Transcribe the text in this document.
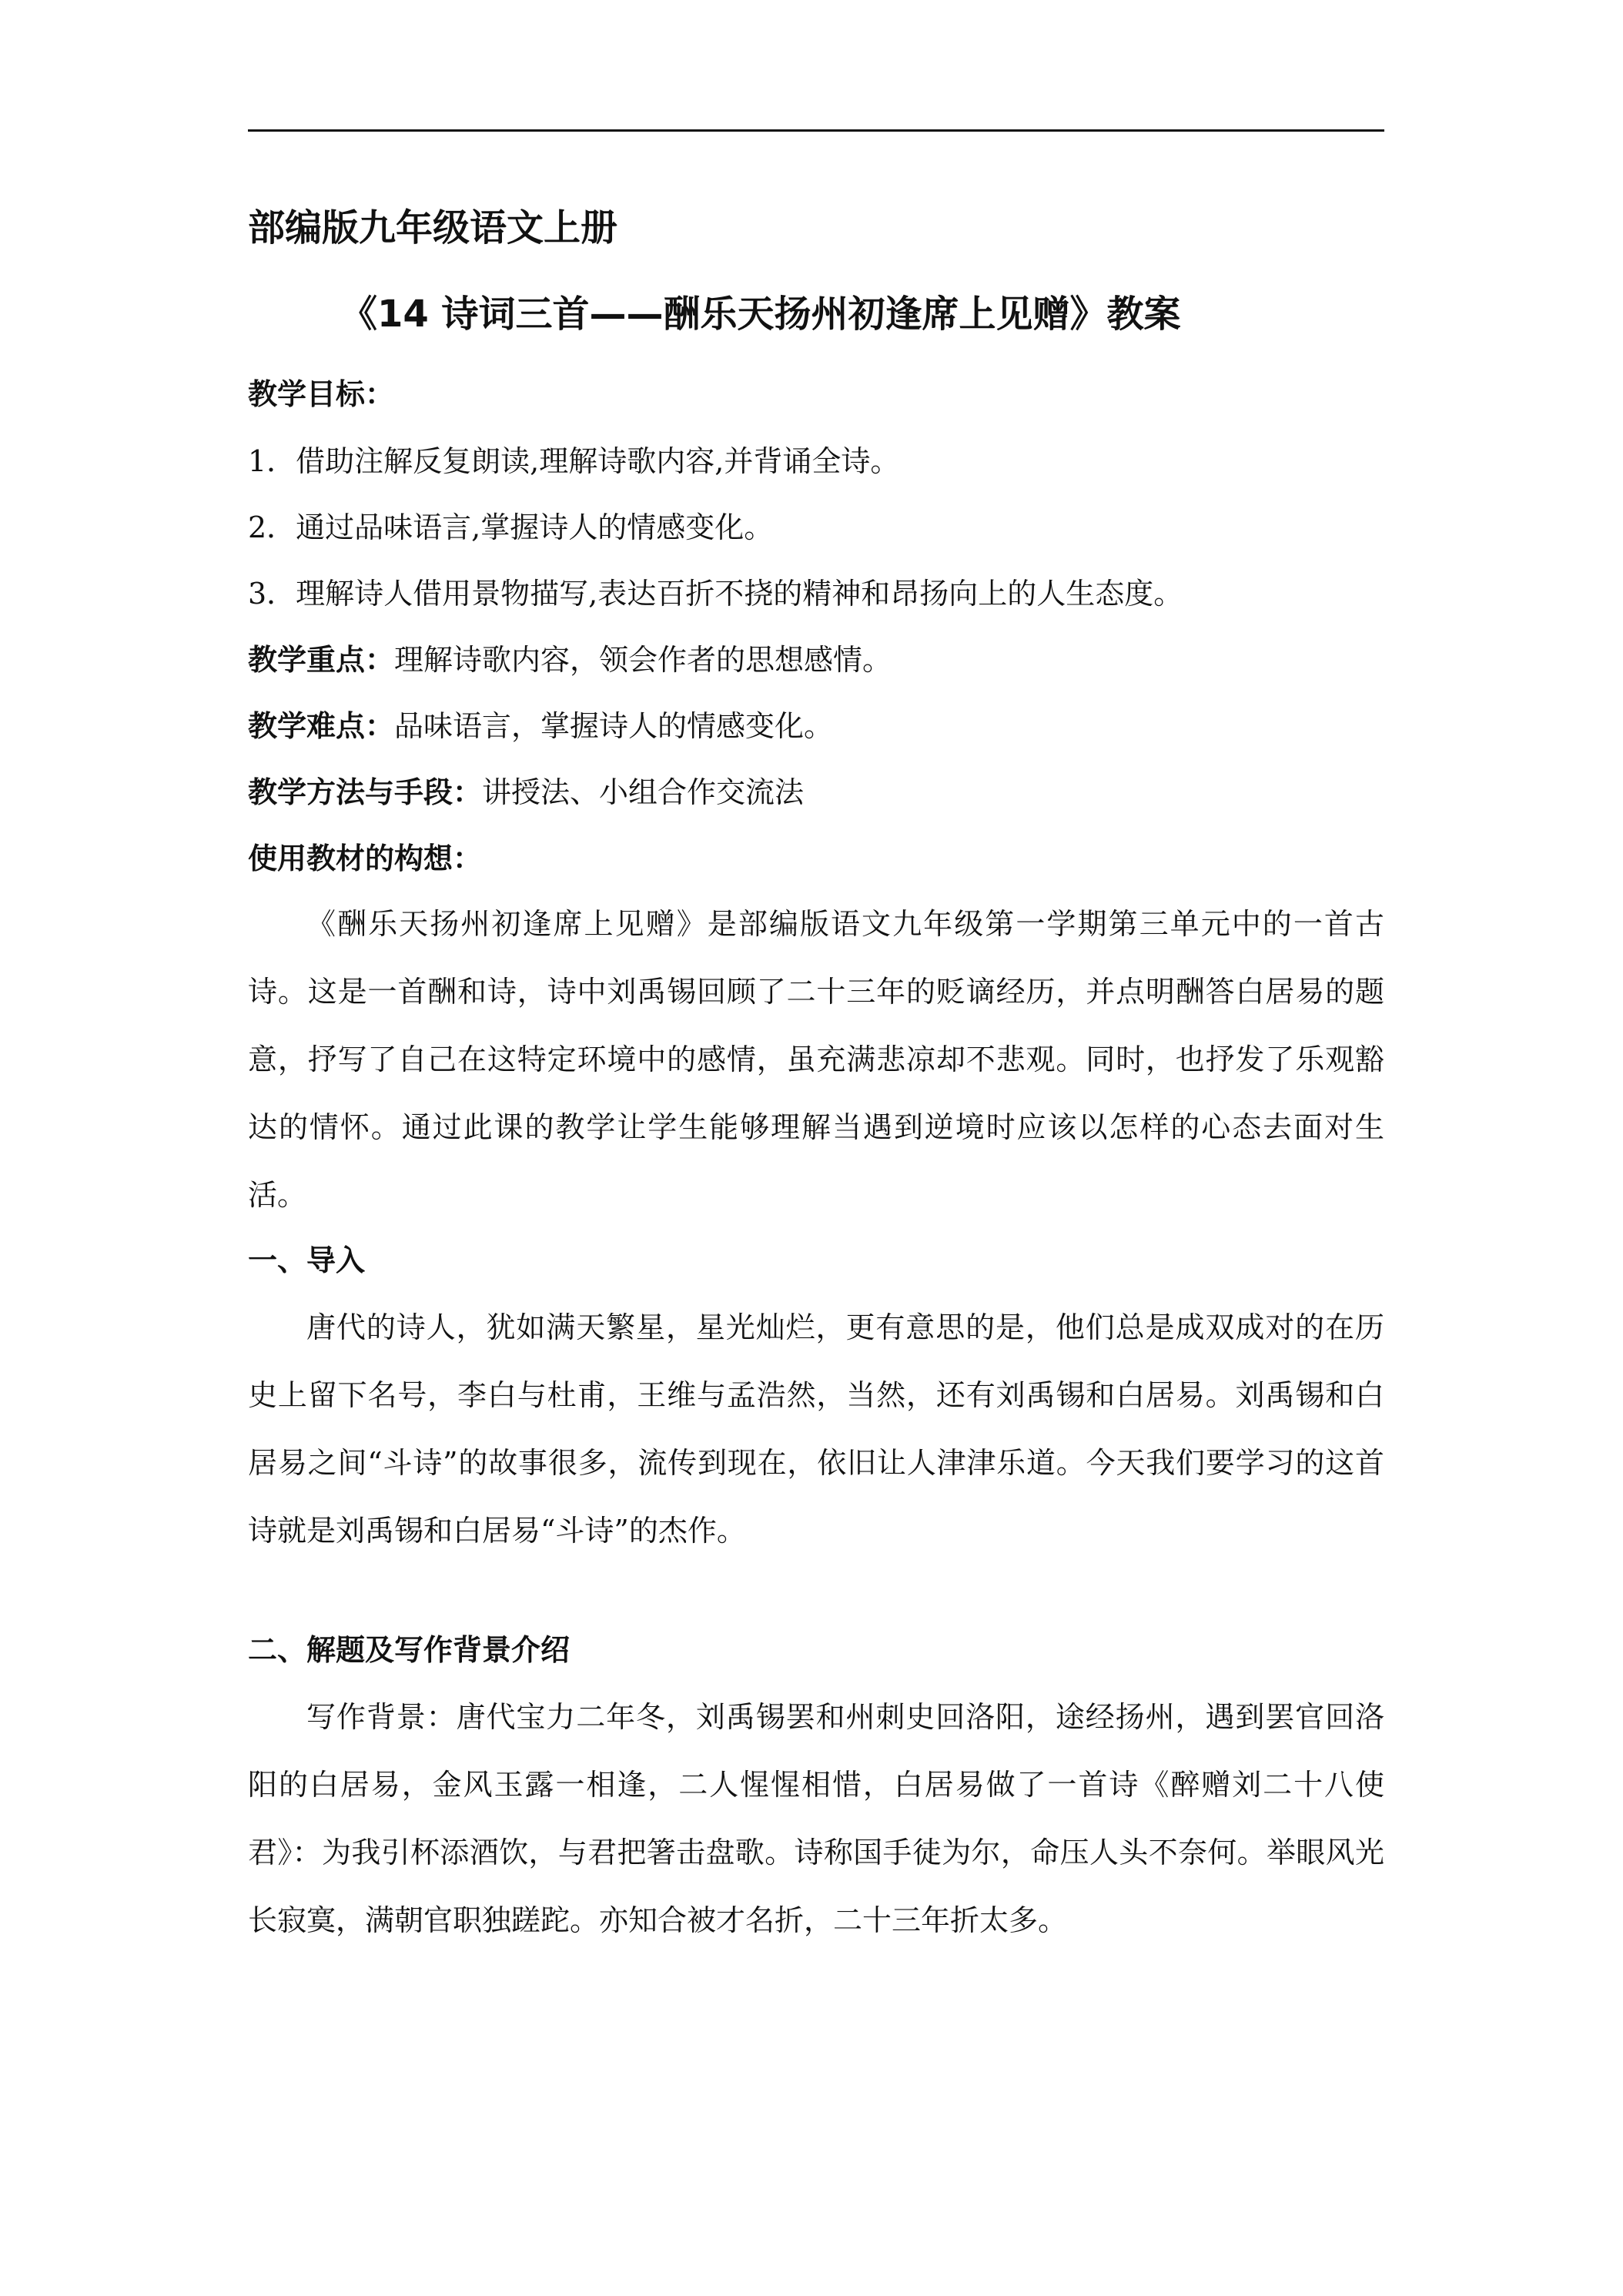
部编版九年级语文上册
《14 诗词三首——酬乐天扬州初逢席上见赠》教案
教学目标：
1．借助注解反复朗读,理解诗歌内容,并背诵全诗。
2．通过品味语言,掌握诗人的情感变化。
3．理解诗人借用景物描写,表达百折不挠的精神和昂扬向上的人生态度。
教学重点：理解诗歌内容，领会作者的思想感情。
教学难点：品味语言，掌握诗人的情感变化。
教学方法与手段：讲授法、小组合作交流法
使用教材的构想：

《酬乐天扬州初逢席上见赠》是部编版语文九年级第一学期第三单元中的一首古诗。这是一首酬和诗，诗中刘禹锡回顾了二十三年的贬谪经历，并点明酬答白居易的题意，抒写了自己在这特定环境中的感情，虽充满悲凉却不悲观。同时，也抒发了乐观豁达的情怀。通过此课的教学让学生能够理解当遇到逆境时应该以怎样的心态去面对生活。

一、导入

唐代的诗人，犹如满天繁星，星光灿烂，更有意思的是，他们总是成双成对的在历史上留下名号，李白与杜甫，王维与孟浩然，当然，还有刘禹锡和白居易。刘禹锡和白居易之间“斗诗”的故事很多，流传到现在，依旧让人津津乐道。今天我们要学习的这首诗就是刘禹锡和白居易“斗诗”的杰作。

二、解题及写作背景介绍

写作背景：唐代宝力二年冬，刘禹锡罢和州刺史回洛阳，途经扬州，遇到罢官回洛阳的白居易，金风玉露一相逢，二人惺惺相惜，白居易做了一首诗《醉赠刘二十八使君》：为我引杯添酒饮，与君把箸击盘歌。诗称国手徒为尔，命压人头不奈何。举眼风光长寂寞，满朝官职独蹉跎。亦知合被才名折，二十三年折太多。
